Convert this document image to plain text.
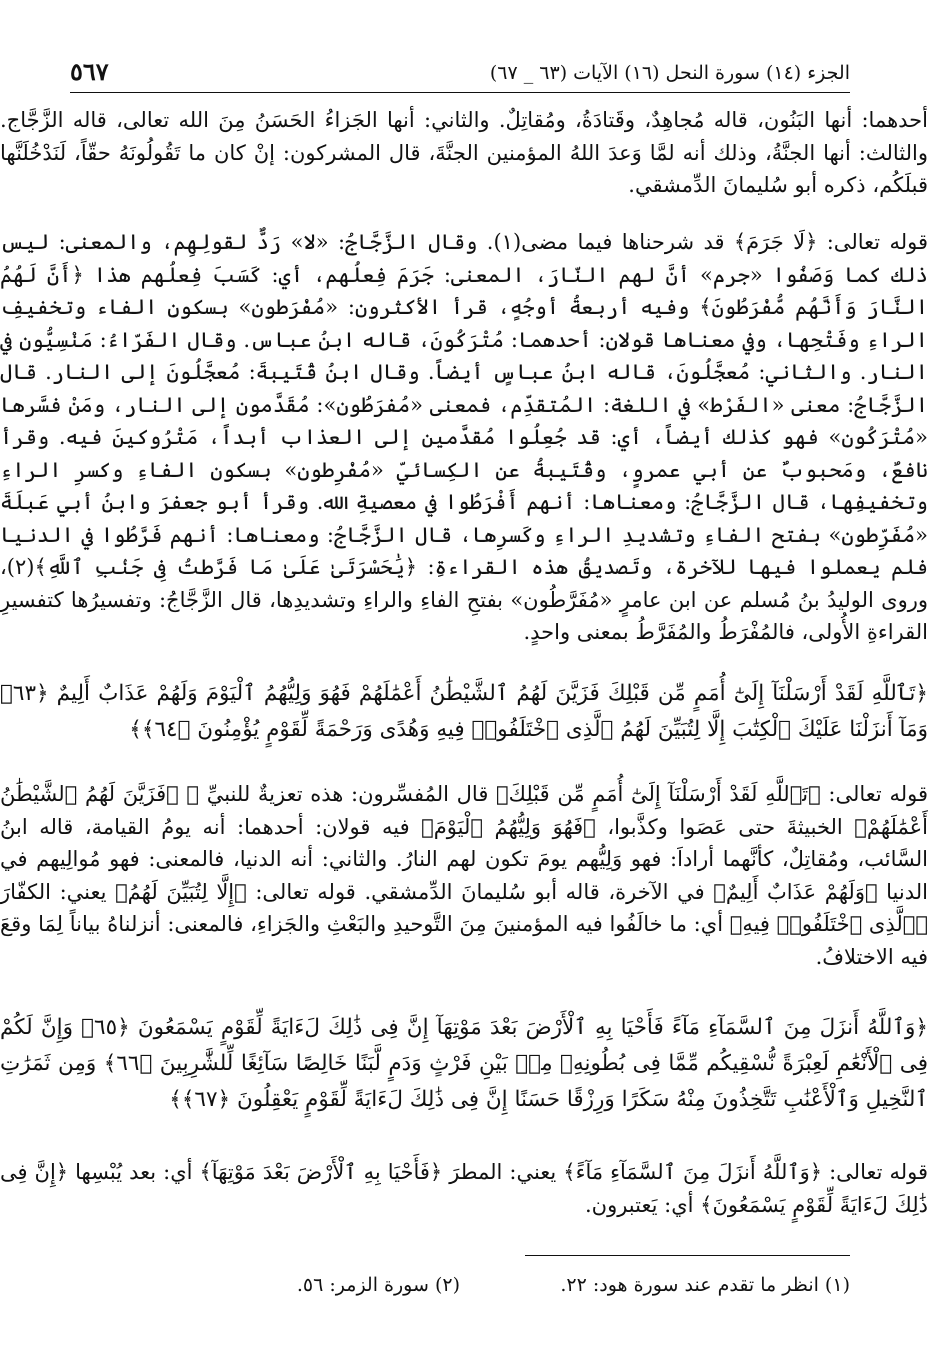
الجزء (١٤) سورة النحل (١٦) الآيات (٦٣ _ ٦٧)
٥٦٧

أحدهما: أنها البَنُون، قاله مُجاهِدٌ، وقَتادَةُ، ومُقاتِلٌ. والثاني: أنها الجَزاءُ الحَسَنُ مِنَ الله تعالى، قاله الزَّجَّاج. والثالث: أنها الجنَّةُ، وذلك أنه لمَّا وَعدَ اللهُ المؤمنين الجنَّةَ، قال المشركون: إنْ كان ما تَقُولُونَهُ حقّاً، لَنَدْخُلَنَّها قبلَكُم، ذكره أبو سُليمانَ الدِّمشقي.

قوله تعالى: ﴿لَا جَرَمَ﴾ قد شرحناها فيما مضى(١). وقال الزَّجَّاجُ: «لا» رَدٌّ لقولِهِم، والمعنى: ليس ذلك كما وَصَفُوا «جرم» أنَّ لهم النّارَ، المعنى: جَرَمَ فِعلُهم، أي: كَسَبَ فِعلُهم هذا ﴿أَنَّ لَهُمُ النَّارَ وَأَنَّهُم مُّفْرَطُونَ﴾ وفيه أربعةُ أوجُهٍ، قرأ الأكثرون: «مُفْرَطون» بسكونِ الفاء وتخفيفِ الراءِ وفَتْحِها، وفي معناها قولان: أحدهما: مُتْرَكُونَ، قاله ابنُ عباس. وقال الفَرّاءُ: مَنْسِيُّون في النار. والثاني: مُعجَّلُونَ، قاله ابنُ عباسٍ أيضاً. وقال ابنُ قُتَيبةَ: مُعجَّلُونَ إلى النار. قال الزَّجَّاجُ: معنى «الفَرْط» في اللغة: المُتقدِّم، فمعنى «مُفرَطُون»: مُقَدَّمون إلى النار، ومَنْ فسَّرها «مُتْرَكُون» فهو كذلك أيضاً، أي: قد جُعِلُوا مُقدَّمين إلى العذاب أبداً، مَتْرُوكينَ فيه. وقرأ نافعٌ، ومَحبوبٌ عن أبي عمروٍ، وقُتَيبةُ عن الكِسائيّ «مُفْرِطون» بسكون الفاءِ وكسرِ الراءِ وتخفيفِها، قال الزَّجَّاجُ: ومعناها: أنهم أَفْرَطُوا في معصيةِ الله. وقرأ أبو جعفرَ وابنُ أبي عَبلَةَ «مُفَرِّطون» بفتح الفاءِ وتشديدِ الراءِ وكَسرِها، قال الزَّجَّاجُ: ومعناها: أنهم فَرَّطُوا في الدنيا فلم يعملوا فيها للآخرة، وتَصديقُ هذه القراءةِ: ﴿يَٰحَسْرَتَىٰ عَلَىٰ مَا فَرَّطتُ فِى جَنۢبِ ٱللَّهِ﴾(٢)، وروى الوليدُ بنُ مُسلم عن ابن عامرٍ «مُفَرَّطُون» بفتحِ الفاءِ والراءِ وتشديدِها، قال الزَّجَّاجُ: وتفسيرُها كتفسيرِ القراءةِ الأُولى، فالمُفْرَطُ والمُفَرَّطُ بمعنى واحدٍ.

﴿تَٱللَّهِ لَقَدْ أَرْسَلْنَآ إِلَىٰٓ أُمَمٍ مِّن قَبْلِكَ فَزَيَّنَ لَهُمُ ٱلشَّيْطَٰنُ أَعْمَٰلَهُمْ فَهُوَ وَلِيُّهُمُ ٱلْيَوْمَ وَلَهُمْ عَذَابٌ أَلِيمٌ ﴿٦٣﴾ وَمَآ أَنزَلْنَا عَلَيْكَ ٱلْكِتَٰبَ إِلَّا لِتُبَيِّنَ لَهُمُ ٱلَّذِى ٱخْتَلَفُوا۟ فِيهِ وَهُدًى وَرَحْمَةً لِّقَوْمٍ يُؤْمِنُونَ ﴿٦٤﴾﴾

قوله تعالى: ﴿تَٱللَّهِ لَقَدْ أَرْسَلْنَآ إِلَىٰٓ أُمَمٍ مِّن قَبْلِكَ﴾ قال المُفسِّرون: هذه تعزيةٌ للنبيِّ ﷺ ﴿فَزَيَّنَ لَهُمُ ٱلشَّيْطَٰنُ أَعْمَٰلَهُمْ﴾ الخبيثةَ حتى عَصَوا وكذَّبوا، ﴿فَهُوَ وَلِيُّهُمُ ٱلْيَوْمَ﴾ فيه قولان: أحدهما: أنه يومُ القيامة، قاله ابنُ السَّائب، ومُقاتِلٌ، كأنَّهما أراداَ: فهو وَلِيُّهم يومَ تكون لهم النارُ. والثاني: أنه الدنيا، فالمعنى: فهو مُوالِيهم في الدنيا ﴿وَلَهُمْ عَذَابٌ أَلِيمٌ﴾ في الآخرة، قاله أبو سُليمانَ الدِّمشقي. قوله تعالى: ﴿إِلَّا لِتُبَيِّنَ لَهُمُ﴾ يعني: الكفّارَ ﴿ٱلَّذِى ٱخْتَلَفُوا۟ فِيهِ﴾ أي: ما خالَفُوا فيه المؤمنينَ مِنَ التَّوحيدِ والبَعْثِ والجَزاءِ، فالمعنى: أنزلناهُ بياناً لِمَا وقعَ فيه الاختلافُ.

﴿وَٱللَّهُ أَنزَلَ مِنَ ٱلسَّمَآءِ مَآءً فَأَحْيَا بِهِ ٱلْأَرْضَ بَعْدَ مَوْتِهَآ إِنَّ فِى ذَٰلِكَ لَءَايَةً لِّقَوْمٍ يَسْمَعُونَ ﴿٦٥﴾ وَإِنَّ لَكُمْ فِى ٱلْأَنْعَٰمِ لَعِبْرَةً نُّسْقِيكُم مِّمَّا فِى بُطُونِهِۦ مِنۢ بَيْنِ فَرْثٍ وَدَمٍ لَّبَنًا خَالِصًا سَآئِغًا لِّلشَّٰرِبِينَ ﴿٦٦﴾ وَمِن ثَمَرَٰتِ ٱلنَّخِيلِ وَٱلْأَعْنَٰبِ تَتَّخِذُونَ مِنْهُ سَكَرًا وَرِزْقًا حَسَنًا إِنَّ فِى ذَٰلِكَ لَءَايَةً لِّقَوْمٍ يَعْقِلُونَ ﴿٦٧﴾﴾

قوله تعالى: ﴿وَٱللَّهُ أَنزَلَ مِنَ ٱلسَّمَآءِ مَآءً﴾ يعني: المطرَ ﴿فَأَحْيَا بِهِ ٱلْأَرْضَ بَعْدَ مَوْتِهَآ﴾ أي: بعد يُبْسِها ﴿إِنَّ فِى ذَٰلِكَ لَءَايَةً لِّقَوْمٍ يَسْمَعُونَ﴾ أي: يَعتبرون.

(١) انظر ما تقدم عند سورة هود: ٢٢.
(٢) سورة الزمر: ٥٦.
